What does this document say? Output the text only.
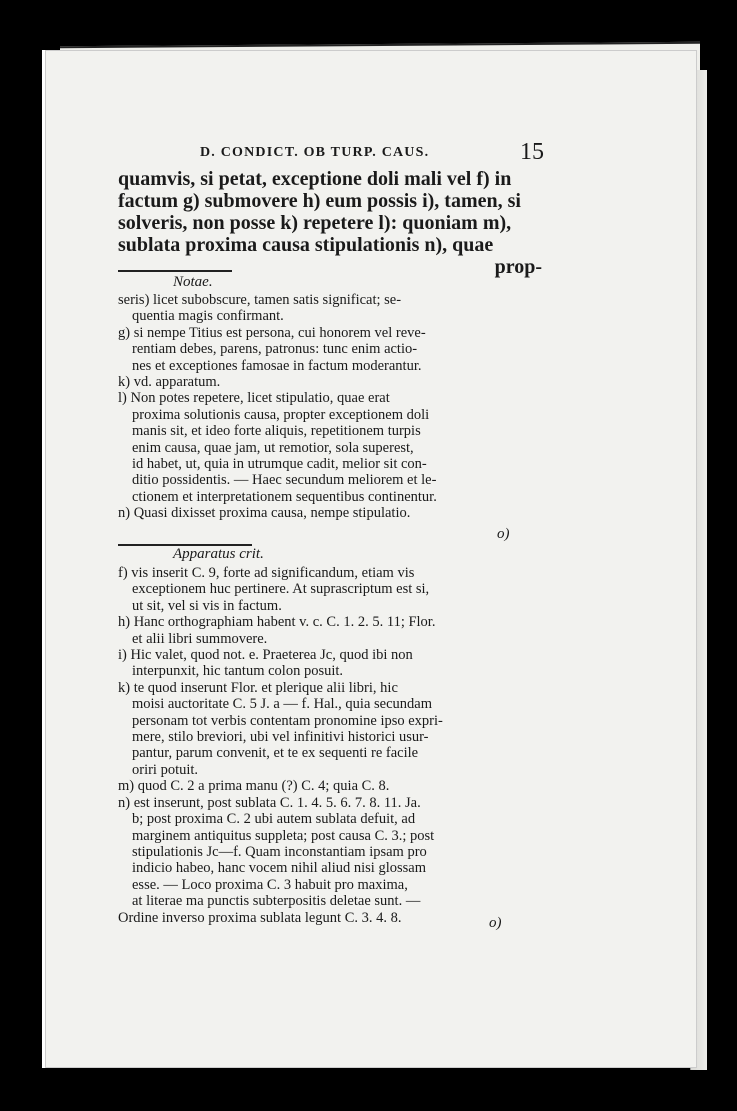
D. CONDICT. OB TURP. CAUS.	15
quamvis, si petat, exceptione doli mali vel f) in
factum g) submovere h) eum possis i), tamen, si
solveris, non posse k) repetere l): quoniam m),
sublata proxima causa stipulationis n), quae
prop-
Notae.
seris) licet subobscure, tamen satis significat; se-
quentia magis confirmant.
g) si nempe Titius est persona, cui honorem vel reve-
rentiam debes, parens, patronus: tunc enim actio-
nes et exceptiones famosae in factum moderantur.
k) vd. apparatum.
l) Non potes repetere, licet stipulatio, quae erat
proxima solutionis causa, propter exceptionem doli
manis sit, et ideo forte aliquis, repetitionem turpis
enim causa, quae jam, ut remotior, sola superest,
id habet, ut, quia in utrumque cadit, melior sit con-
ditio possidentis. — Haec secundum meliorem et le-
ctionem et interpretationem sequentibus continentur.
n) Quasi dixisset proxima causa, nempe stipulatio.
o)
Apparatus crit.
f) vis inserit C. 9, forte ad significandum, etiam vis
exceptionem huc pertinere. At suprascriptum est si,
ut sit, vel si vis in factum.
h) Hanc orthographiam habent v. c. C. 1. 2. 5. 11; Flor.
et alii libri summovere.
i) Hic valet, quod not. e. Praeterea Jc, quod ibi non
interpunxit, hic tantum colon posuit.
k) te quod inserunt Flor. et plerique alii libri, hic
moisi auctoritate C. 5 J. a — f. Hal., quia secundam
personam tot verbis contentam pronomine ipso expri-
mere, stilo breviori, ubi vel infinitivi historici usur-
pantur, parum convenit, et te ex sequenti re facile
oriri potuit.
m) quod C. 2 a prima manu (?) C. 4; quia C. 8.
n) est inserunt, post sublata C. 1. 4. 5. 6. 7. 8. 11. Ja.
b; post proxima C. 2 ubi autem sublata defuit, ad
marginem antiquitus suppleta; post causa C. 3.; post
stipulationis Jc—f. Quam inconstantiam ipsam pro
indicio habeo, hanc vocem nihil aliud nisi glossam
esse. — Loco proxima C. 3 habuit pro maxima,
at literae ma punctis subterpositis deletae sunt. —
Ordine inverso proxima sublata legunt C. 3. 4. 8.	o)
